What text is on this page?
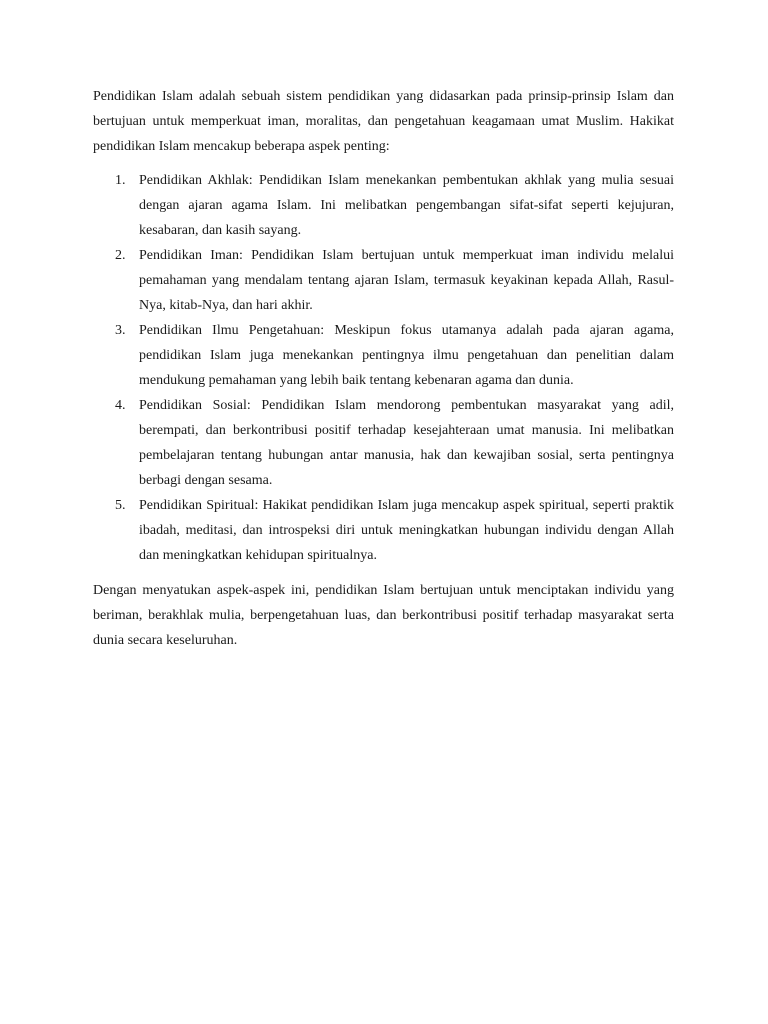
Pendidikan Islam adalah sebuah sistem pendidikan yang didasarkan pada prinsip-prinsip Islam dan bertujuan untuk memperkuat iman, moralitas, dan pengetahuan keagamaan umat Muslim. Hakikat pendidikan Islam mencakup beberapa aspek penting:

1. Pendidikan Akhlak: Pendidikan Islam menekankan pembentukan akhlak yang mulia sesuai dengan ajaran agama Islam. Ini melibatkan pengembangan sifat-sifat seperti kejujuran, kesabaran, dan kasih sayang.
2. Pendidikan Iman: Pendidikan Islam bertujuan untuk memperkuat iman individu melalui pemahaman yang mendalam tentang ajaran Islam, termasuk keyakinan kepada Allah, Rasul-Nya, kitab-Nya, dan hari akhir.
3. Pendidikan Ilmu Pengetahuan: Meskipun fokus utamanya adalah pada ajaran agama, pendidikan Islam juga menekankan pentingnya ilmu pengetahuan dan penelitian dalam mendukung pemahaman yang lebih baik tentang kebenaran agama dan dunia.
4. Pendidikan Sosial: Pendidikan Islam mendorong pembentukan masyarakat yang adil, berempati, dan berkontribusi positif terhadap kesejahteraan umat manusia. Ini melibatkan pembelajaran tentang hubungan antar manusia, hak dan kewajiban sosial, serta pentingnya berbagi dengan sesama.
5. Pendidikan Spiritual: Hakikat pendidikan Islam juga mencakup aspek spiritual, seperti praktik ibadah, meditasi, dan introspeksi diri untuk meningkatkan hubungan individu dengan Allah dan meningkatkan kehidupan spiritualnya.

Dengan menyatukan aspek-aspek ini, pendidikan Islam bertujuan untuk menciptakan individu yang beriman, berakhlak mulia, berpengetahuan luas, dan berkontribusi positif terhadap masyarakat serta dunia secara keseluruhan.
